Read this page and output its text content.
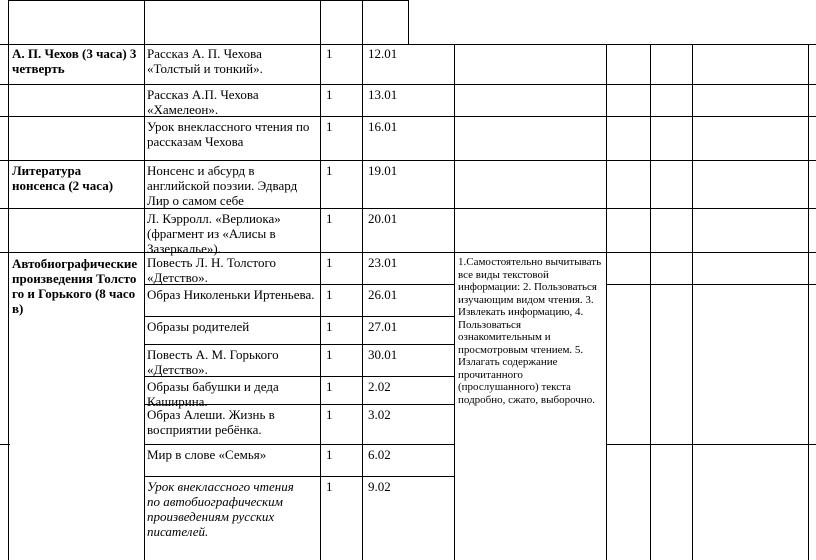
А. П. Чехов (3 часа) 3 четверть
Литература нонсенса (2 часа)
Автобиографические произведения Толстого и Горького (8 часов)
Рассказ А. П. Чехова «Толстый и тонкий».
Рассказ А.П. Чехова «Хамелеон».
Урок внеклассного чтения по рассказам Чехова
Нонсенс и абсурд в английской поэзии. Эдвард Лир о самом себе
Л. Кэрролл. «Верлиока» (фрагмент из «Алисы в Зазеркалье»).
Повесть Л. Н. Толстого «Детство».
Образ Николеньки Иртеньева.
Образы родителей
Повесть А. М. Горького «Детство».
Образы бабушки и деда Каширина.
Образ Алеши. Жизнь в восприятии ребёнка.
Мир в слове «Семья»
Урок внеклассного чтения по автобиографическим произведениям русских писателей.
1
1
1
1
1
1
1
1
1
1
1
1
1
12.01
13.01
16.01
19.01
20.01
23.01
26.01
27.01
30.01
2.02
3.02
6.02
9.02
1.Самостоятельно вычитывать все виды текстовой информации: 2. Пользоваться изучающим видом чтения. 3. Извлекать информацию, 4. Пользоваться ознакомительным и просмотровым чтением. 5. Излагать содержание прочитанного (прослушанного) текста подробно, сжато, выборочно.
